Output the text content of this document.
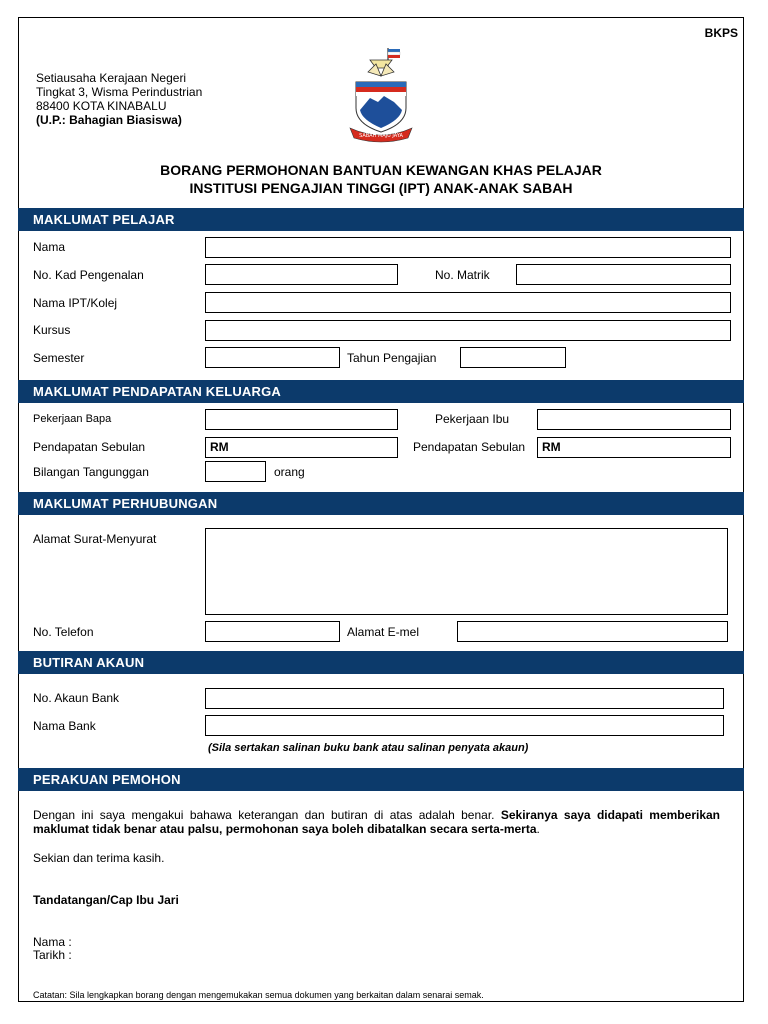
BKPS
Setiausaha Kerajaan Negeri
Tingkat 3, Wisma Perindustrian
88400 KOTA KINABALU
(U.P.: Bahagian Biasiswa)
SABAH MAJU JAYA
BORANG PERMOHONAN BANTUAN KEWANGAN KHAS PELAJAR
INSTITUSI PENGAJIAN TINGGI (IPT) ANAK-ANAK SABAH
MAKLUMAT PELAJAR
Nama
No. Kad Pengenalan	No. Matrik
Nama IPT/Kolej
Kursus
Semester	Tahun Pengajian
MAKLUMAT PENDAPATAN KELUARGA
Pekerjaan Bapa	Pekerjaan Ibu
Pendapatan Sebulan	RM	Pendapatan Sebulan	RM
Bilangan Tangunggan	orang
MAKLUMAT PERHUBUNGAN
Alamat Surat-Menyurat
No. Telefon	Alamat E-mel
BUTIRAN AKAUN
No. Akaun Bank
Nama Bank
(Sila sertakan salinan buku bank atau salinan penyata akaun)
PERAKUAN PEMOHON
Dengan ini saya mengakui bahawa keterangan dan butiran di atas adalah benar. Sekiranya saya didapati memberikan maklumat tidak benar atau palsu, permohonan saya boleh dibatalkan secara serta-merta.
Sekian dan terima kasih.
Tandatangan/Cap Ibu Jari
Nama :
Tarikh :
Catatan: Sila lengkapkan borang dengan mengemukakan semua dokumen yang berkaitan dalam senarai semak.
